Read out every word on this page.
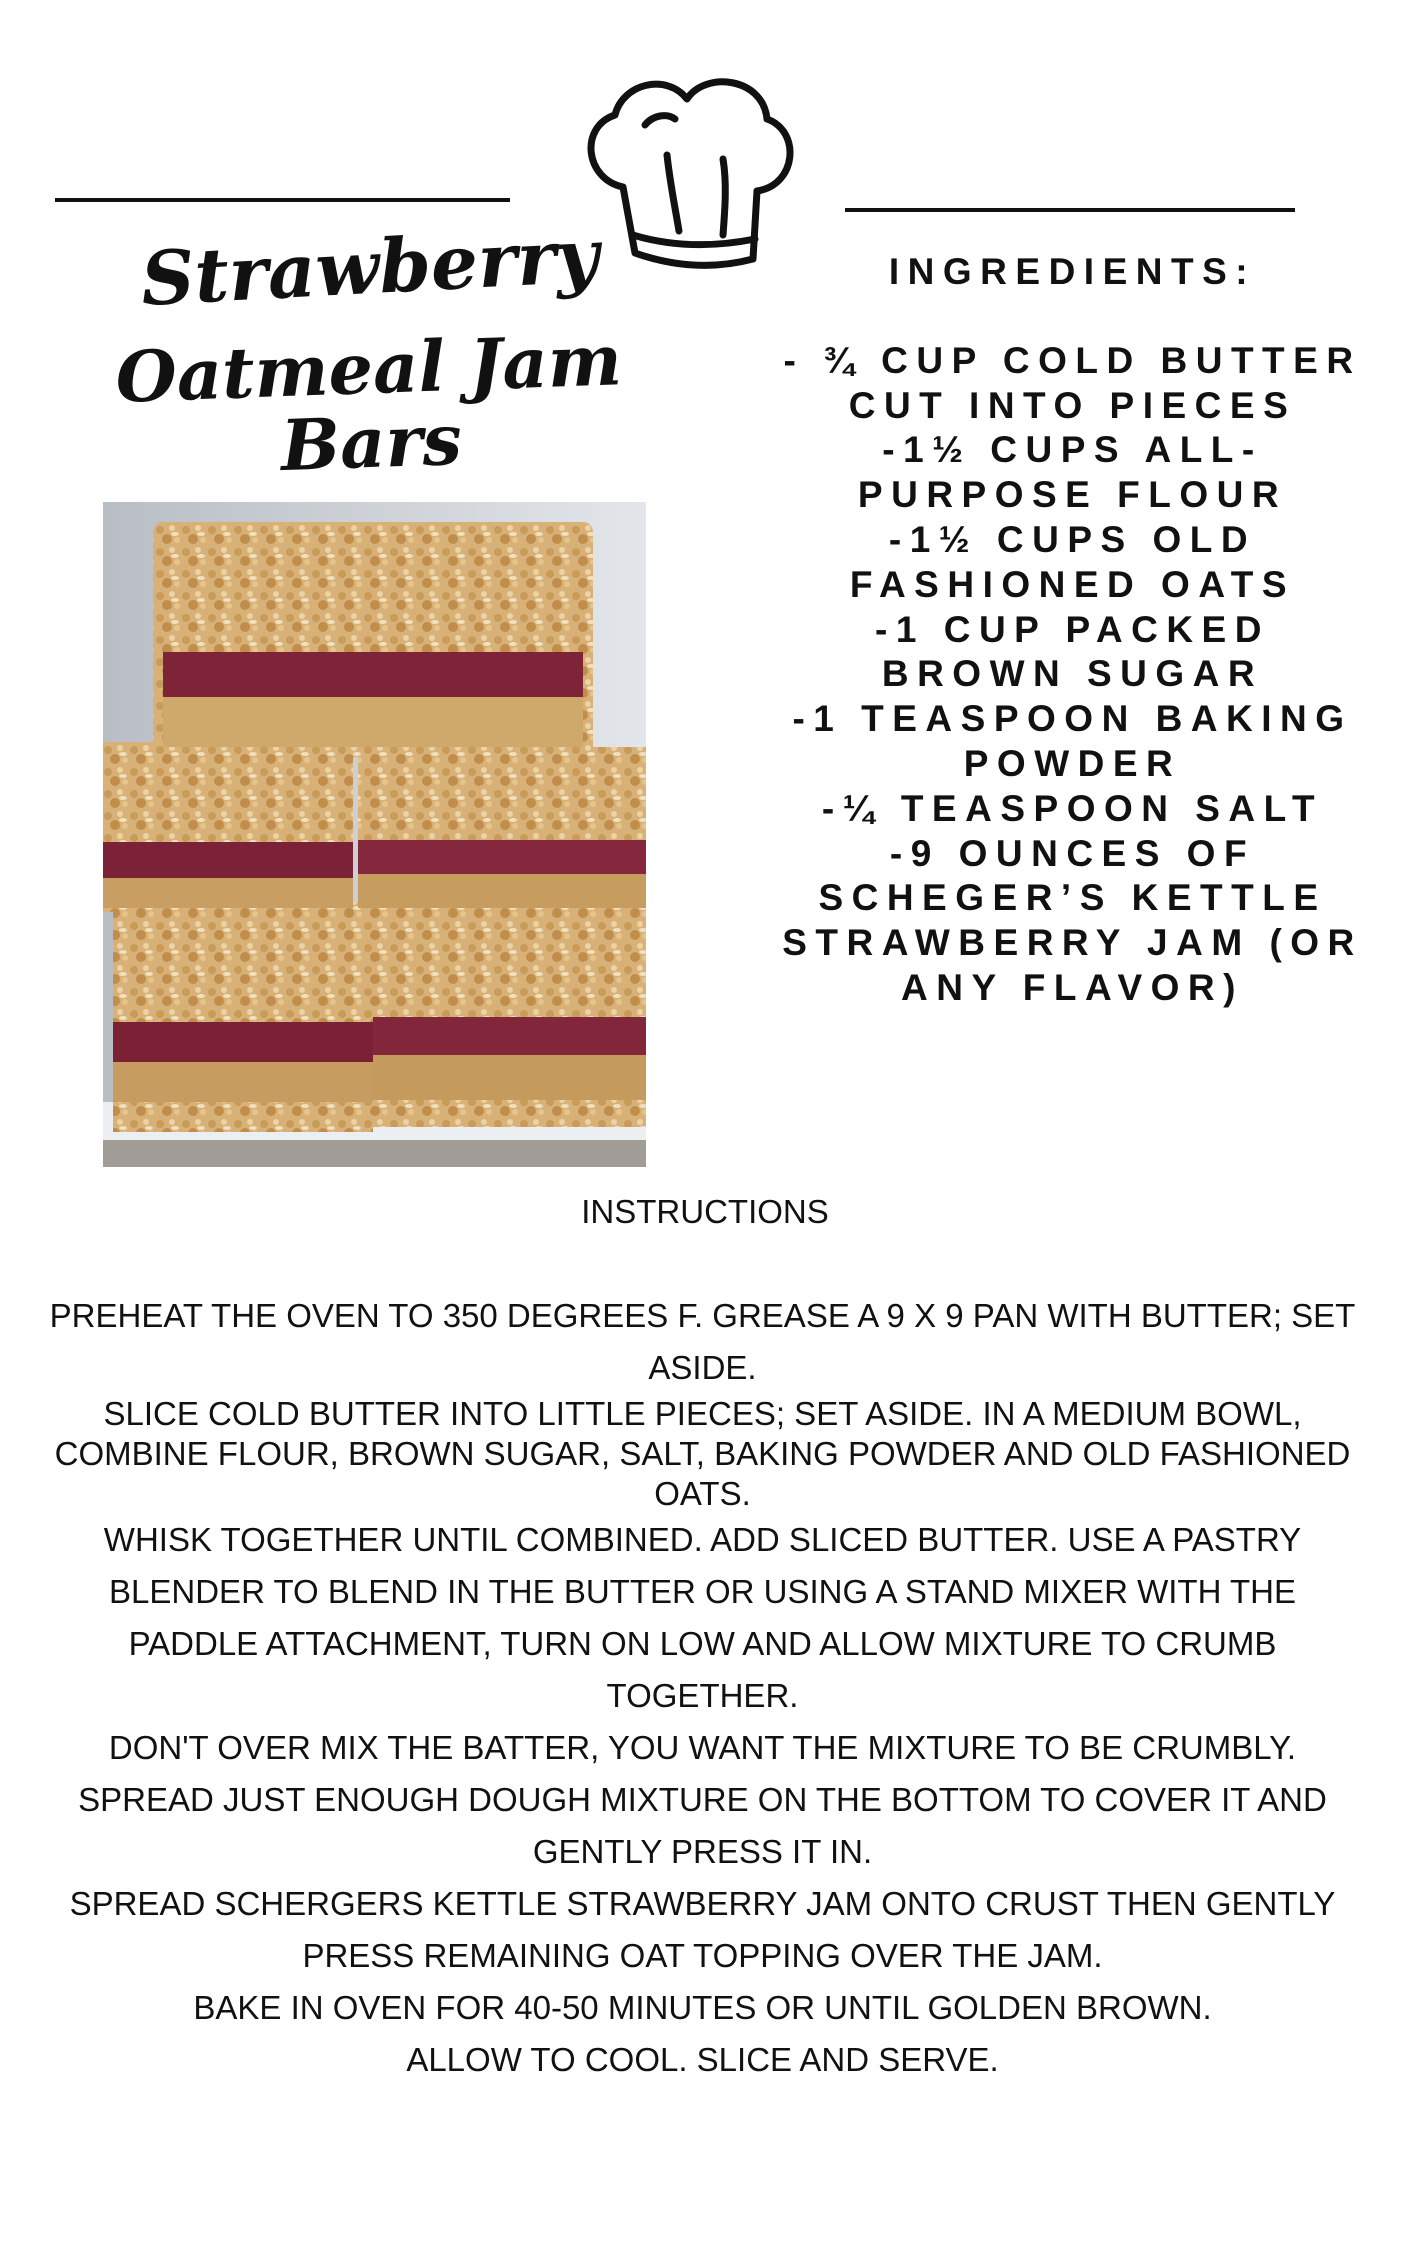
Strawberry
Oatmeal Jam Bars
INGREDIENTS:
- ¾ CUP COLD BUTTER CUT INTO PIECES
-1½ CUPS ALL-PURPOSE FLOUR
-1½ CUPS OLD FASHIONED OATS
-1 CUP PACKED BROWN SUGAR
-1 TEASPOON BAKING POWDER
-¼ TEASPOON SALT
-9 OUNCES OF SCHEGER’S KETTLE STRAWBERRY JAM (OR ANY FLAVOR)
INSTRUCTIONS
PREHEAT THE OVEN TO 350 DEGREES F. GREASE A 9 X 9 PAN WITH BUTTER; SET ASIDE.
SLICE COLD BUTTER INTO LITTLE PIECES; SET ASIDE. IN A MEDIUM BOWL, COMBINE FLOUR, BROWN SUGAR, SALT, BAKING POWDER AND OLD FASHIONED OATS.
WHISK TOGETHER UNTIL COMBINED. ADD SLICED BUTTER. USE A PASTRY BLENDER TO BLEND IN THE BUTTER OR USING A STAND MIXER WITH THE PADDLE ATTACHMENT, TURN ON LOW AND ALLOW MIXTURE TO CRUMB TOGETHER.
DON'T OVER MIX THE BATTER, YOU WANT THE MIXTURE TO BE CRUMBLY.
SPREAD JUST ENOUGH DOUGH MIXTURE ON THE BOTTOM TO COVER IT AND GENTLY PRESS IT IN.
SPREAD SCHERGERS KETTLE STRAWBERRY JAM ONTO CRUST THEN GENTLY PRESS REMAINING OAT TOPPING OVER THE JAM.
BAKE IN OVEN FOR 40-50 MINUTES OR UNTIL GOLDEN BROWN.
ALLOW TO COOL. SLICE AND SERVE.
